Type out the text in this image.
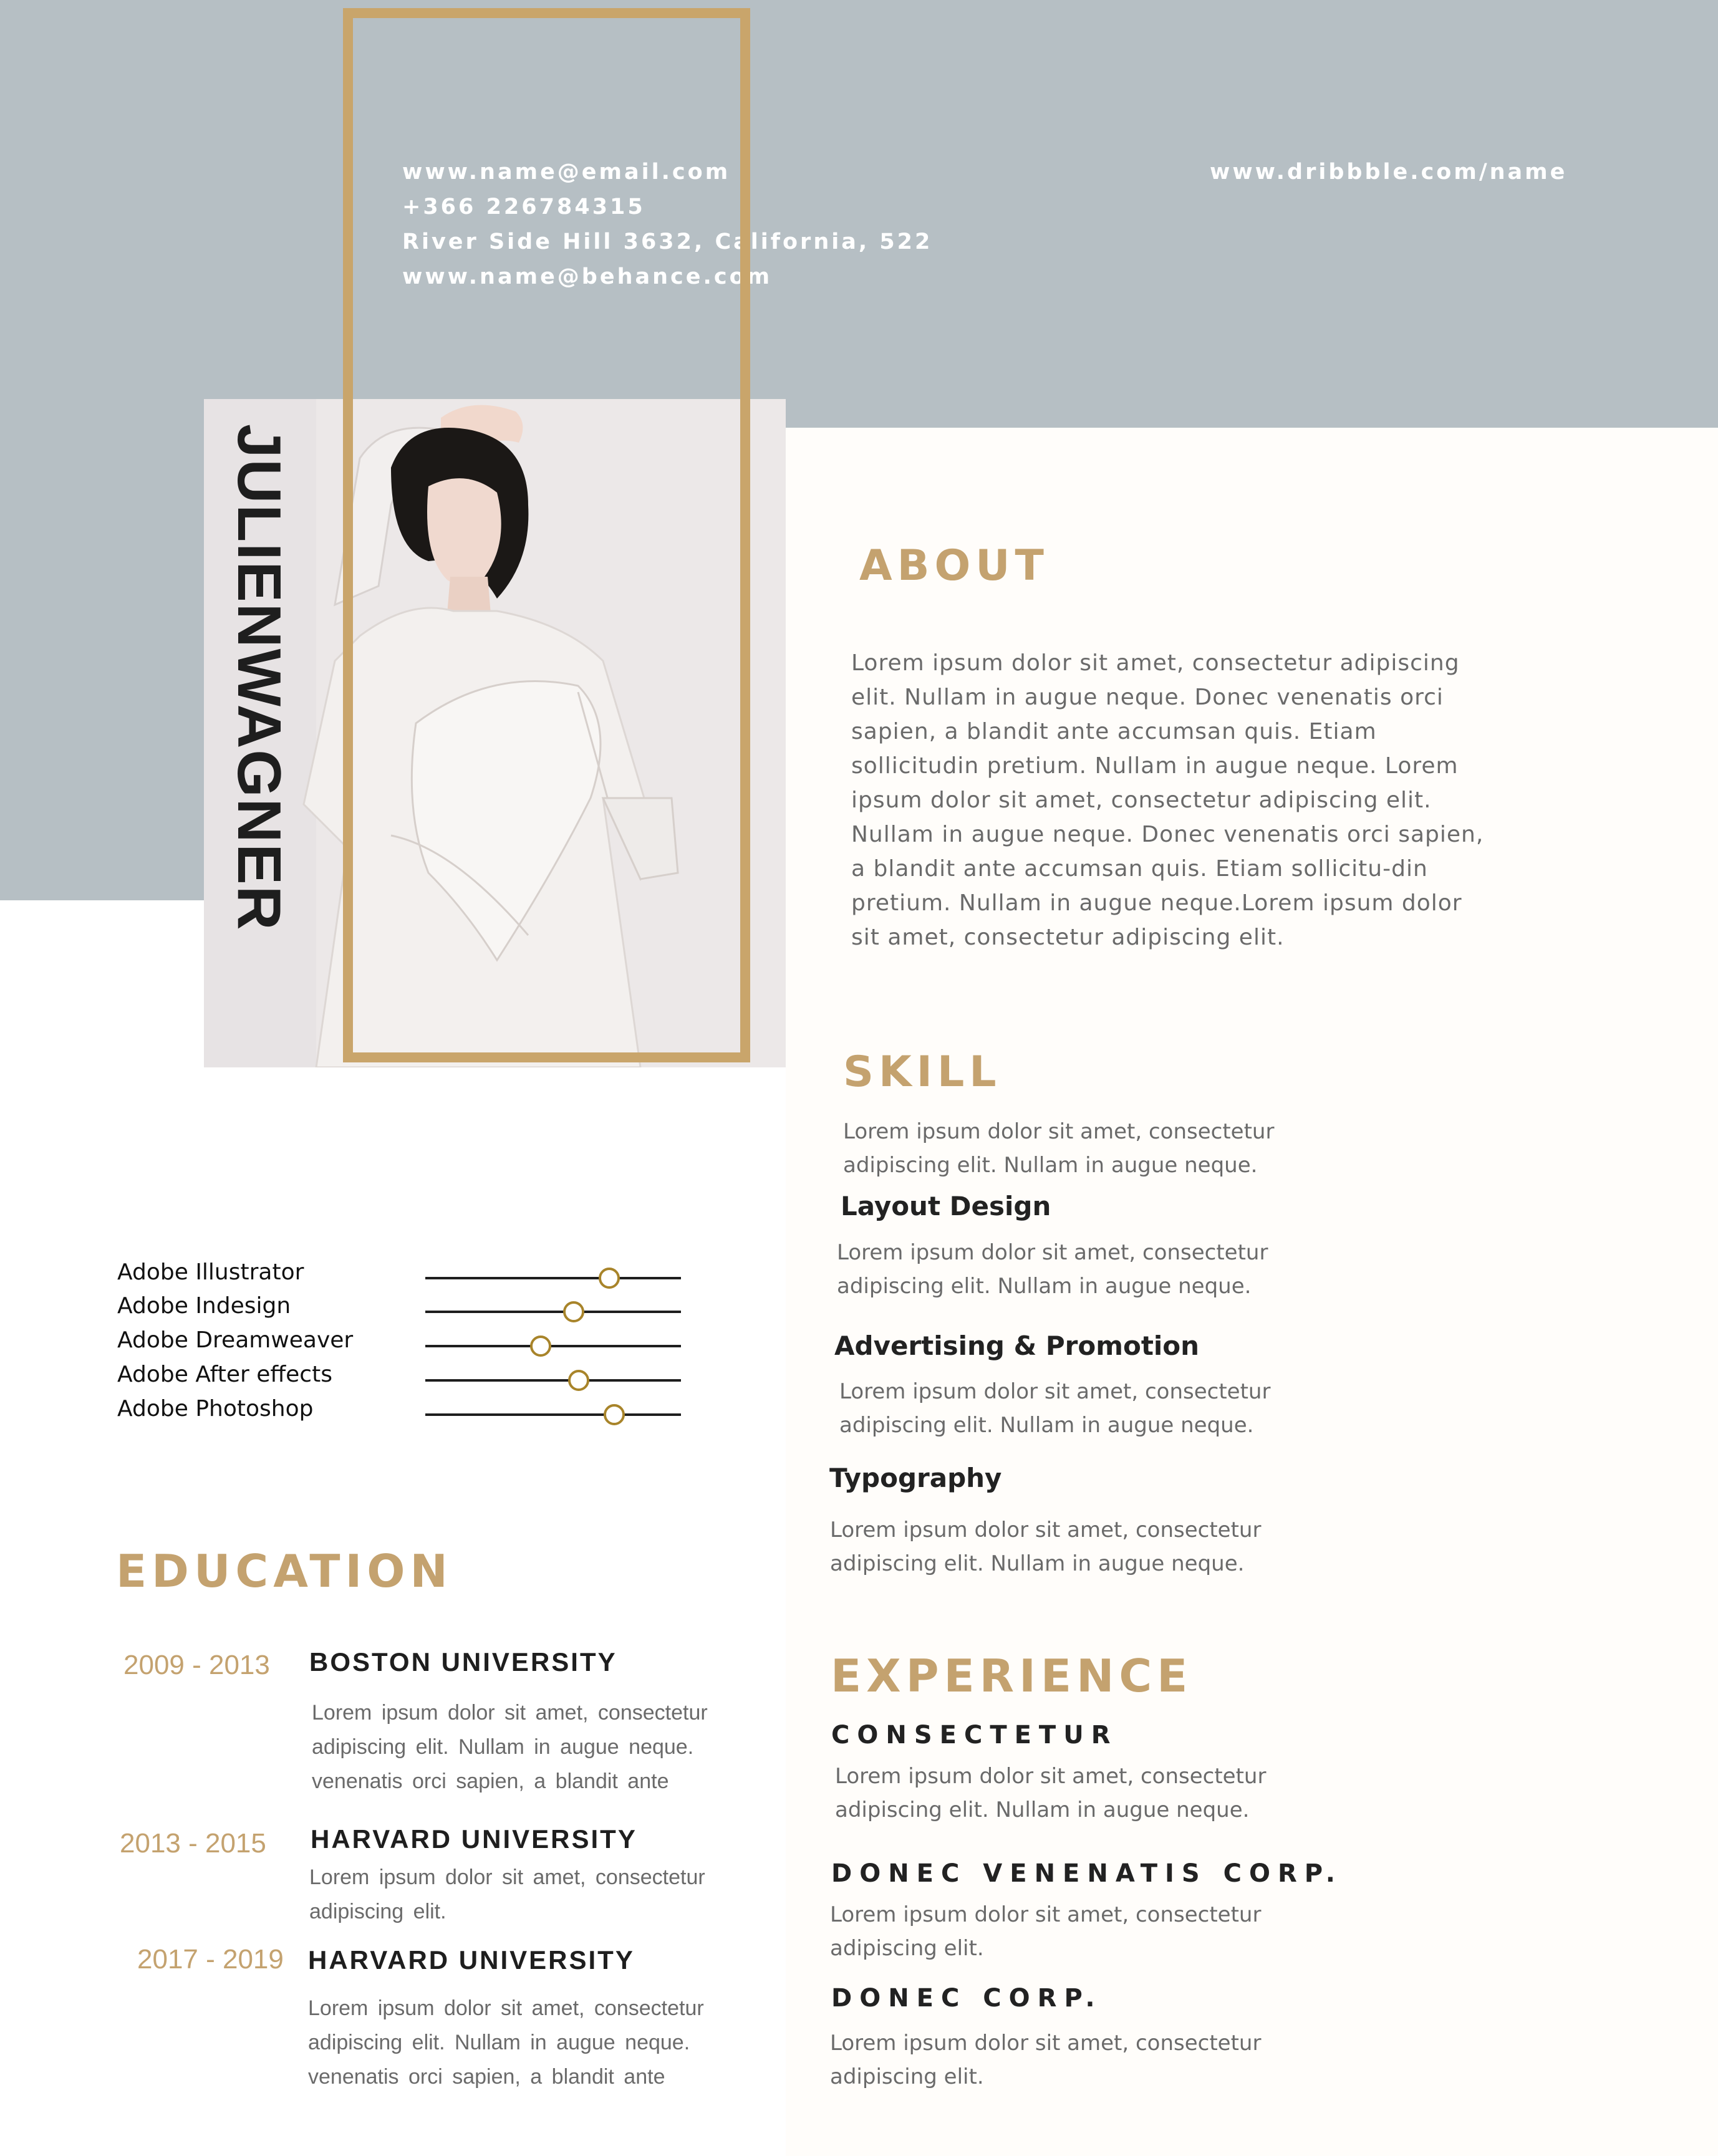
www.name@email.com
+366 226784315
River Side Hill 3632, California, 522
www.name@behance.com
www.dribbble.com/name
JULIENWAGNER	ABOUT
Lorem ipsum dolor sit amet, consectetur adipiscing elit. Nullam in augue neque. Donec venenatis orci sapien, a blandit ante accumsan quis. Etiam sollicitudin pretium. Nullam in augue neque. Lorem ipsum dolor sit amet, consectetur adipiscing elit. Nullam in augue neque. Donec venenatis orci sapien, a blandit ante accumsan quis. Etiam sollicitu-din pretium. Nullam in augue neque.Lorem ipsum dolor sit amet, consectetur adipiscing elit.
SKILL
Lorem ipsum dolor sit amet, consectetur adipiscing elit. Nullam in augue neque.
Layout Design
Lorem ipsum dolor sit amet, consectetur adipiscing elit. Nullam in augue neque.
Advertising & Promotion
Lorem ipsum dolor sit amet, consectetur adipiscing elit. Nullam in augue neque.
Typography
Lorem ipsum dolor sit amet, consectetur adipiscing elit. Nullam in augue neque.
EDUCATION
2009 - 2013 BOSTON UNIVERSITY
Lorem ipsum dolor sit amet, consectetur adipiscing elit. Nullam in augue neque. venenatis orci sapien, a blandit ante
2013 - 2015 HARVARD UNIVERSITY
Lorem ipsum dolor sit amet, consectetur adipiscing elit.
2017 - 2019 HARVARD UNIVERSITY
Lorem ipsum dolor sit amet, consectetur adipiscing elit. Nullam in augue neque. venenatis orci sapien, a blandit ante
EXPERIENCE
CONSECTETUR
Lorem ipsum dolor sit amet, consectetur adipiscing elit. Nullam in augue neque.
DONEC VENENATIS CORP.
Lorem ipsum dolor sit amet, consectetur adipiscing elit.
DONEC CORP.
Lorem ipsum dolor sit amet, consectetur adipiscing elit.
Adobe Illustrator
Adobe Indesign
Adobe Dreamweaver
Adobe After effects
Adobe Photoshop
